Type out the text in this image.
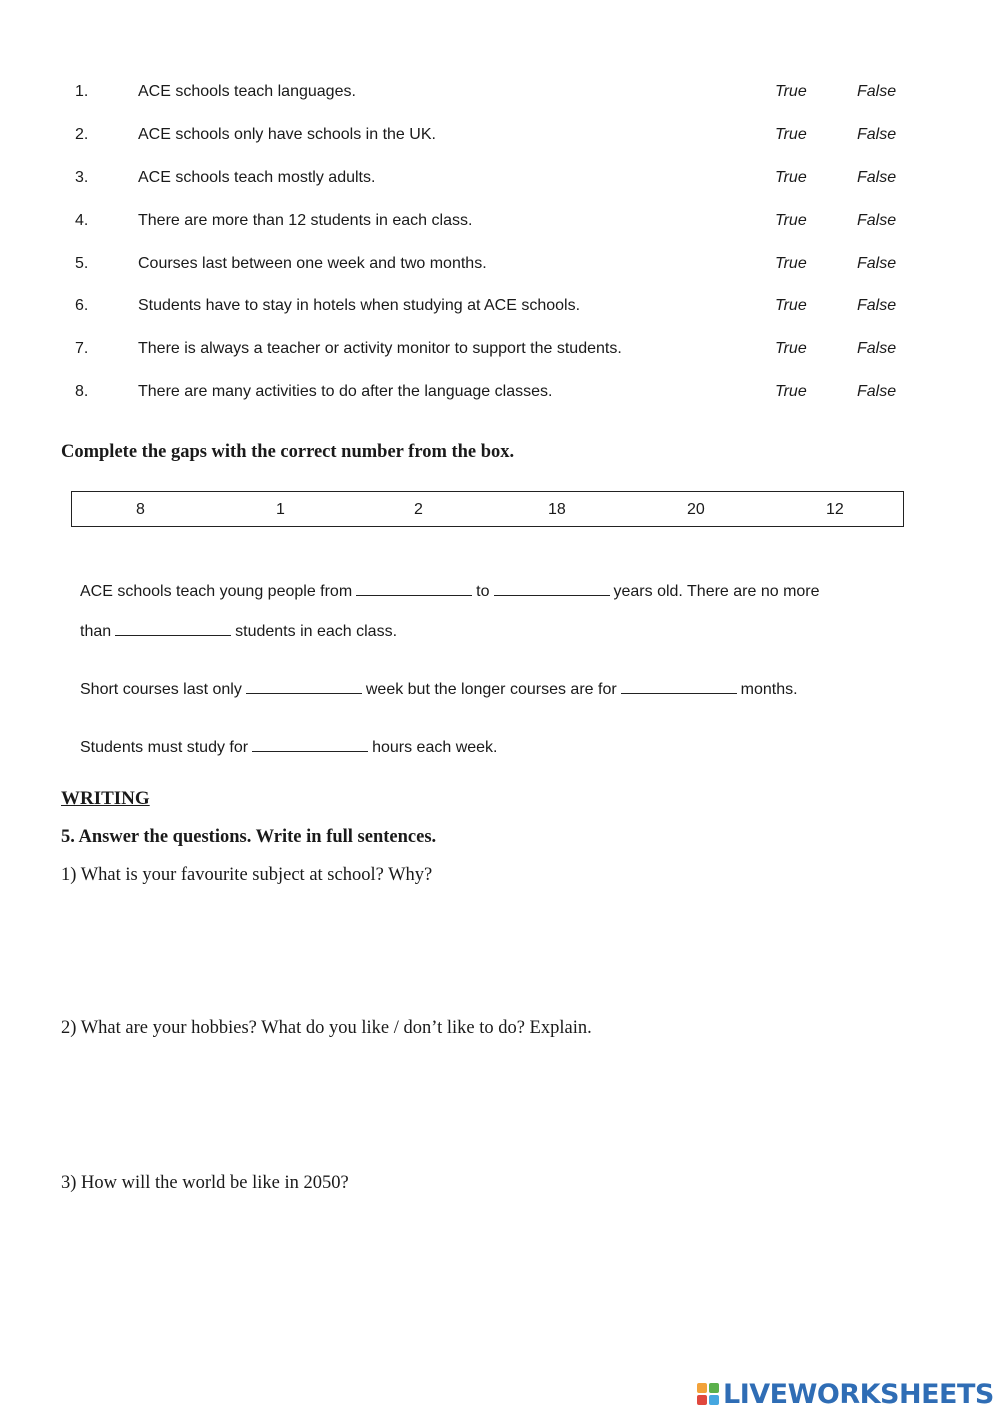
1.	ACE schools teach languages.	True	False
2.	ACE schools only have schools in the UK.	True	False
3.	ACE schools teach mostly adults.	True	False
4.	There are more than 12 students in each class.	True	False
5.	Courses last between one week and two months.	True	False
6.	Students have to stay in hotels when studying at ACE schools.	True	False
7.	There is always a teacher or activity monitor to support the students.	True	False
8.	There are many activities to do after the language classes.	True	False
Complete the gaps with the correct number from the box.
8	1	2	18	20	12
ACE schools teach young people from	to	years old. There are no more
than	students in each class.
Short courses last only	week but the longer courses are for	months.
Students must study for	hours each week.
WRITING
5. Answer the questions. Write in full sentences.
1) What is your favourite subject at school? Why?
2) What are your hobbies? What do you like / don’t like to do? Explain.
3) How will the world be like in 2050?
LIVEWORKSHEETS
